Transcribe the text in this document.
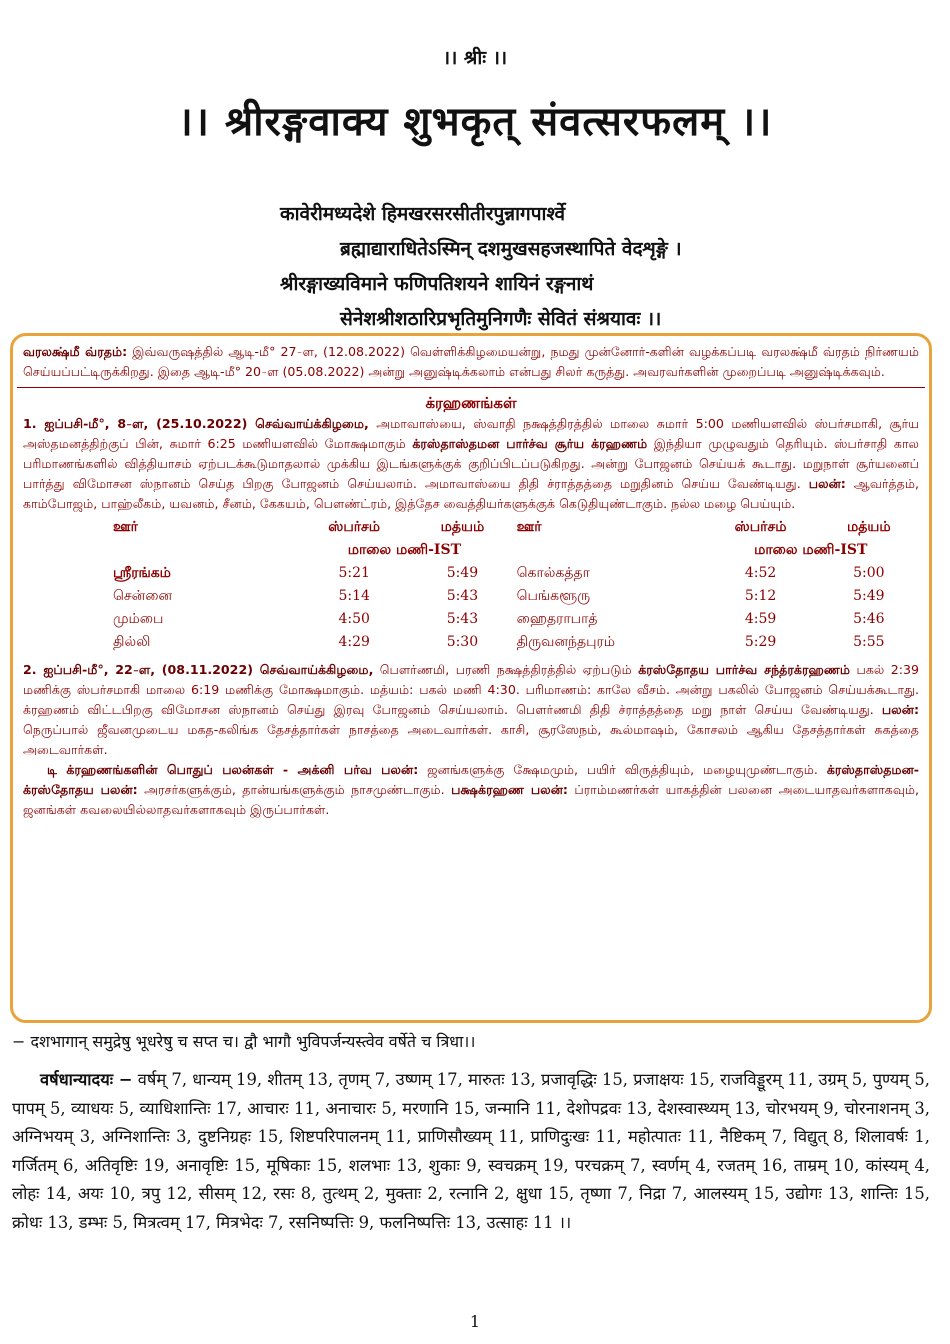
।। श्रीः ।।
।। श्रीरङ्गवाक्य शुभकृत् संवत्सरफलम् ।।
कावेरीमध्यदेशे हिमखरसरसीतीरपुन्नागपार्श्वे
ब्रह्माद्याराधितेऽस्मिन् दशमुखसहजस्थापिते वेदशृङ्गे ।
श्रीरङ्गाख्यविमाने फणिपतिशयने शायिनं रङ्गनाथं
सेनेशश्रीशठारिप्रभृतिमुनिगणैः सेवितं संश्रयावः ।।

வரலக்ஷ்மீ வ்ரதம்: இவ்வருஷத்தில் ஆடி-மீ° 27-ௗ, (12.08.2022) வெள்ளிக்கிழமையன்று, நமது முன்னோர்-களின் வழக்கப்படி வரலக்ஷ்மீ வ்ரதம் நிர்ணயம் செய்யப்பட்டிருக்கிறது. இதை ஆடி-மீ° 20-ௗ (05.08.2022) அன்று அனுஷ்டிக்கலாம் என்பது சிலர் கருத்து. அவரவர்களின் முறைப்படி அனுஷ்டிக்கவும்.

க்ரஹணங்கள்

1. ஐப்பசி-மீ°, 8-ௗ, (25.10.2022) செவ்வாய்க்கிழமை, அமாவாஸ்யை, ஸ்வாதி நக்ஷத்திரத்தில் மாலை சுமார் 5:00 மணியளவில் ஸ்பர்சமாகி, சூர்ய அஸ்தமனத்திற்குப் பின், சுமார் 6:25 மணியளவில் மோக்ஷமாகும் க்ரஸ்தாஸ்தமன பார்ச்வ சூர்ய க்ரஹணம் இந்தியா முழுவதும் தெரியும். ஸ்பர்சாதி கால பரிமாணங்களில் வித்தியாசம் ஏற்படக்கூடுமாதலால் முக்கிய இடங்களுக்குக் குறிப்பிடப்படுகிறது. அன்று போஜனம் செய்யக் கூடாது. மறுநாள் சூர்யனைப் பார்த்து விமோசன ஸ்நானம் செய்த பிறகு போஜனம் செய்யலாம். அமாவாஸ்யை திதி ச்ராத்தத்தை மறுதினம் செய்ய வேண்டியது. பலன்: ஆவர்த்தம், காம்போஜம், பாஹ்லீகம், யவனம், சீனம், கேகயம், பௌண்ட்ரம், இத்தேச வைத்தியர்களுக்குக் கெடுதியுண்டாகும். நல்ல மழை பெய்யும்.

ஊர்	ஸ்பர்சம்	மத்யம்	ஊர்	ஸ்பர்சம்	மத்யம்
	மாலை மணி-IST			மாலை மணி-IST	
ஸ்ரீரங்கம்	5:21	5:49	கொல்கத்தா	4:52	5:00
சென்னை	5:14	5:43	பெங்களூரு	5:12	5:49
மும்பை	4:50	5:43	ஹைதராபாத்	4:59	5:46
தில்லி	4:29	5:30	திருவனந்தபுரம்	5:29	5:55

2. ஐப்பசி-மீ°, 22-ௗ, (08.11.2022) செவ்வாய்க்கிழமை, பௌர்ணமி, பரணி நக்ஷத்திரத்தில் ஏற்படும் க்ரஸ்தோதய பார்ச்வ சந்த்ரக்ரஹணம் பகல் 2:39 மணிக்கு ஸ்பர்சமாகி மாலை 6:19 மணிக்கு மோக்ஷமாகும். மத்யம்: பகல் மணி 4:30. பரிமாணம்: காலே வீசம். அன்று பகலில் போஜனம் செய்யக்கூடாது. க்ரஹணம் விட்டபிறகு விமோசன ஸ்நானம் செய்து இரவு போஜனம் செய்யலாம். பௌர்ணமி திதி ச்ராத்தத்தை மறு நாள் செய்ய வேண்டியது. பலன்: நெருப்பால் ஜீவனமுடைய மகத-கலிங்க தேசத்தார்கள் நாசத்தை அடைவார்கள். காசி, சூரஸேநம், கூல்மாஷம், கோசலம் ஆகிய தேசத்தார்கள் சுகத்தை அடைவார்கள்.

டி க்ரஹணங்களின் பொதுப் பலன்கள் - அக்னி பர்வ பலன்: ஜனங்களுக்கு க்ஷேமமும், பயிர் விருத்தியும், மழையுமுண்டாகும். க்ரஸ்தாஸ்தமன-க்ரஸ்தோதய பலன்: அரசர்களுக்கும், தான்யங்களுக்கும் நாசமுண்டாகும். பக்ஷக்ரஹண பலன்: ப்ராம்மணர்கள் யாகத்தின் பலனை அடையாதவர்களாகவும், ஜனங்கள் கவலையில்லாதவர்களாகவும் இருப்பார்கள்.

− दशभागान् समुद्रेषु भूधरेषु च सप्त च। द्वौ भागौ भुविपर्जन्यस्त्वेव वर्षेते च त्रिधा।।
वर्षधान्यादयः − वर्षम् 7, धान्यम् 19, शीतम् 13, तृणम् 7, उष्णम् 17, मारुतः 13, प्रजावृद्धिः 15, प्रजाक्षयः 15, राजविड्डूरम् 11, उग्रम् 5, पुण्यम् 5, पापम् 5, व्याधयः 5, व्याधिशान्तिः 17, आचारः 11, अनाचारः 5, मरणानि 15, जन्मानि 11, देशोपद्रवः 13, देशस्वास्थ्यम् 13, चोरभयम् 9, चोरनाशनम् 3, अग्निभयम् 3, अग्निशान्तिः 3, दुष्टनिग्रहः 15, शिष्टपरिपालनम् 11, प्राणिसौख्यम् 11, प्राणिदुःखः 11, महोत्पातः 11, नैष्टिकम् 7, विद्युत् 8, शिलावर्षः 1, गर्जितम् 6, अतिवृष्टिः 19, अनावृष्टिः 15, मूषिकाः 15, शलभाः 13, शुकाः 9, स्वचक्रम् 19, परचक्रम् 7, स्वर्णम् 4, रजतम् 16, ताम्रम् 10, कांस्यम् 4, लोहः 14, अयः 10, त्रपु 12, सीसम् 12, रसः 8, तुत्थम् 2, मुक्ताः 2, रत्नानि 2, क्षुधा 15, तृष्णा 7, निद्रा 7, आलस्यम् 15, उद्योगः 13, शान्तिः 15, क्रोधः 13, डम्भः 5, मित्रत्वम् 17, मित्रभेदः 7, रसनिष्पत्तिः 9, फलनिष्पत्तिः 13, उत्साहः 11 ।।
1
